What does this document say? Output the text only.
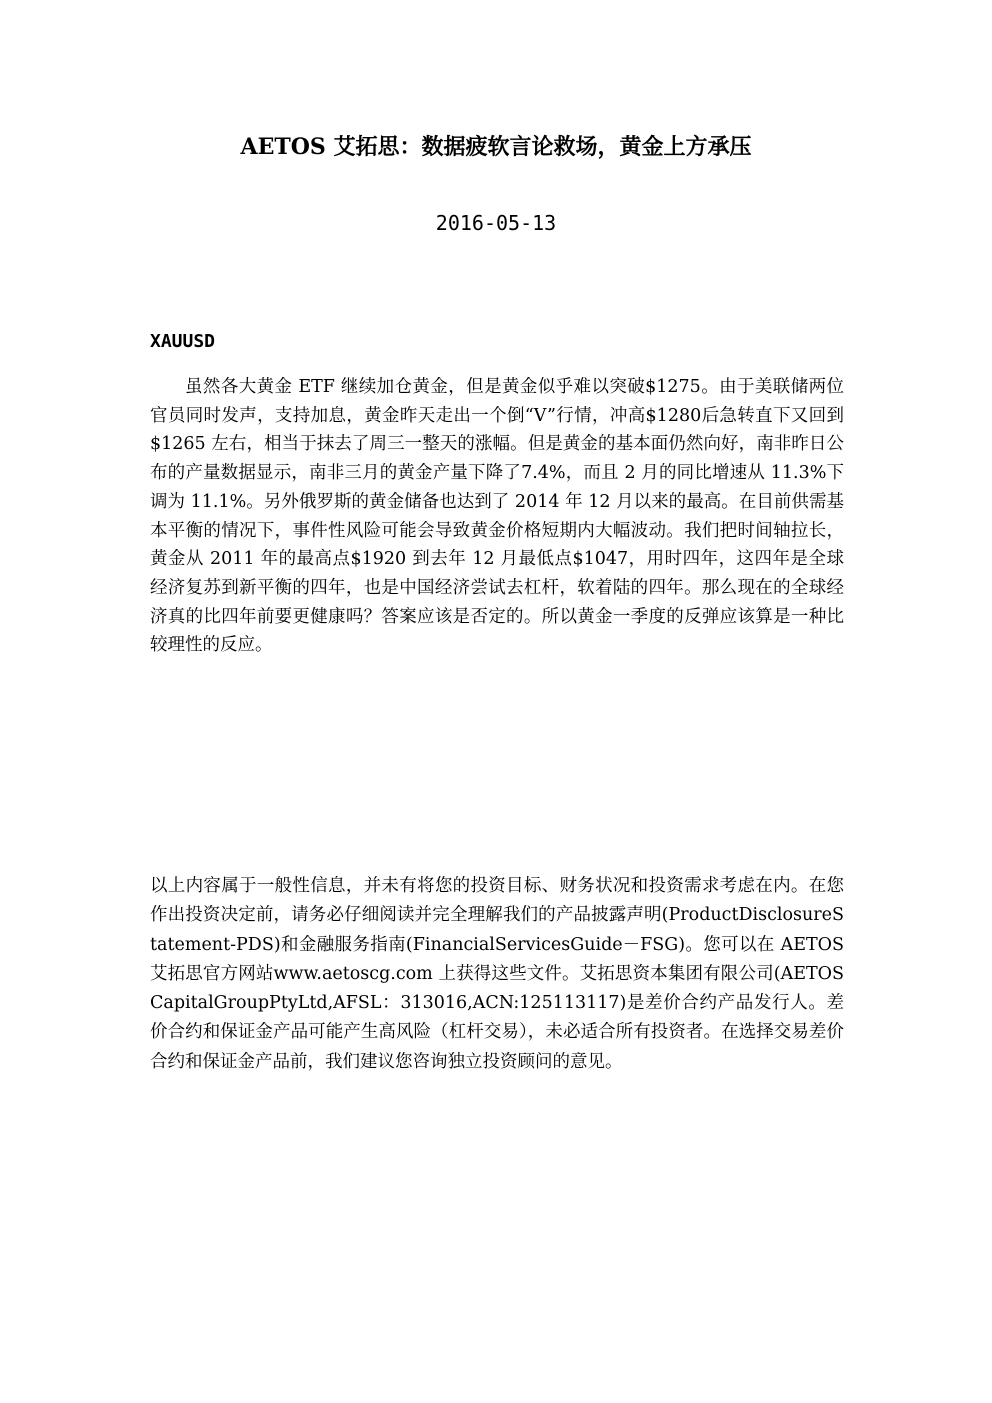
AETOS 艾拓思：数据疲软言论救场，黄金上方承压
2016-05-13
XAUUSD
虽然各大黄金 ETF 继续加仓黄金，但是黄金似乎难以突破$1275。由于美联储两位官员同时发声，支持加息，黄金昨天走出一个倒“V”行情，冲高$1280后急转直下又回到$1265 左右，相当于抹去了周三一整天的涨幅。但是黄金的基本面仍然向好，南非昨日公布的产量数据显示，南非三月的黄金产量下降了7.4%，而且 2 月的同比增速从 11.3%下调为 11.1%。另外俄罗斯的黄金储备也达到了 2014 年 12 月以来的最高。在目前供需基本平衡的情况下，事件性风险可能会导致黄金价格短期内大幅波动。我们把时间轴拉长，黄金从 2011 年的最高点$1920 到去年 12 月最低点$1047，用时四年，这四年是全球经济复苏到新平衡的四年，也是中国经济尝试去杠杆，软着陆的四年。那么现在的全球经济真的比四年前要更健康吗？答案应该是否定的。所以黄金一季度的反弹应该算是一种比较理性的反应。
以上内容属于一般性信息，并未有将您的投资目标、财务状况和投资需求考虑在内。在您作出投资决定前，请务必仔细阅读并完全理解我们的产品披露声明(ProductDisclosureStatement-PDS)和金融服务指南(FinancialServicesGuide－FSG)。您可以在 AETOS 艾拓思官方网站www.aetoscg.com 上获得这些文件。艾拓思资本集团有限公司(AETOSCapitalGroupPtyLtd,AFSL：313016,ACN:125113117)是差价合约产品发行人。差价合约和保证金产品可能产生高风险（杠杆交易），未必适合所有投资者。在选择交易差价合约和保证金产品前，我们建议您咨询独立投资顾问的意见。
